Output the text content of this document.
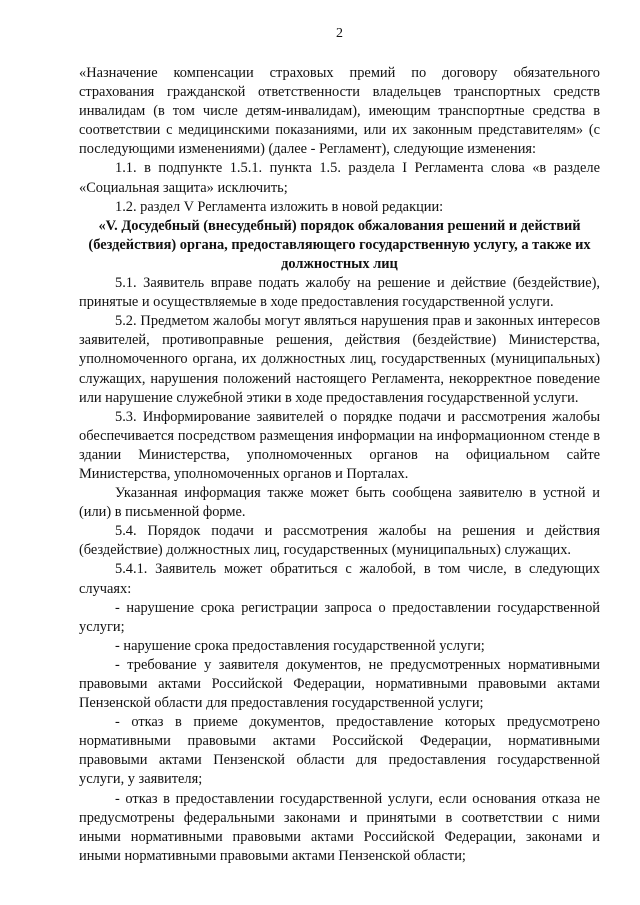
2

«Назначение компенсации страховых премий по договору обязательного страхования гражданской ответственности владельцев транспортных средств инвалидам (в том числе детям-инвалидам), имеющим транспортные средства в соответствии с медицинскими показаниями, или их законным представителям» (с последующими изменениями) (далее - Регламент), следующие изменения:

1.1. в подпункте 1.5.1. пункта 1.5. раздела I Регламента слова «в разделе «Социальная защита» исключить;

1.2. раздел V Регламента изложить в новой редакции:

«V. Досудебный (внесудебный) порядок обжалования решений и действий (бездействия) органа, предоставляющего государственную услугу, а также их должностных лиц

5.1. Заявитель вправе подать жалобу на решение и действие (бездействие), принятые и осуществляемые в ходе предоставления государственной услуги.

5.2. Предметом жалобы могут являться нарушения прав и законных интересов заявителей, противоправные решения, действия (бездействие) Министерства, уполномоченного органа, их должностных лиц, государственных (муниципальных) служащих, нарушения положений настоящего Регламента, некорректное поведение или нарушение служебной этики в ходе предоставления государственной услуги.

5.3. Информирование заявителей о порядке подачи и рассмотрения жалобы обеспечивается посредством размещения информации на информационном стенде в здании Министерства, уполномоченных органов на официальном сайте Министерства, уполномоченных органов и Порталах.

Указанная информация также может быть сообщена заявителю в устной и (или) в письменной форме.

5.4. Порядок подачи и рассмотрения жалобы на решения и действия (бездействие) должностных лиц, государственных (муниципальных) служащих.

5.4.1. Заявитель может обратиться с жалобой, в том числе, в следующих случаях:

- нарушение срока регистрации запроса о предоставлении государственной услуги;

- нарушение срока предоставления государственной услуги;

- требование у заявителя документов, не предусмотренных нормативными правовыми актами Российской Федерации, нормативными правовыми актами Пензенской области для предоставления государственной услуги;

- отказ в приеме документов, предоставление которых предусмотрено нормативными правовыми актами Российской Федерации, нормативными правовыми актами Пензенской области для предоставления государственной услуги, у заявителя;

- отказ в предоставлении государственной услуги, если основания отказа не предусмотрены федеральными законами и принятыми в соответствии с ними иными нормативными правовыми актами Российской Федерации, законами и иными нормативными правовыми актами Пензенской области;
